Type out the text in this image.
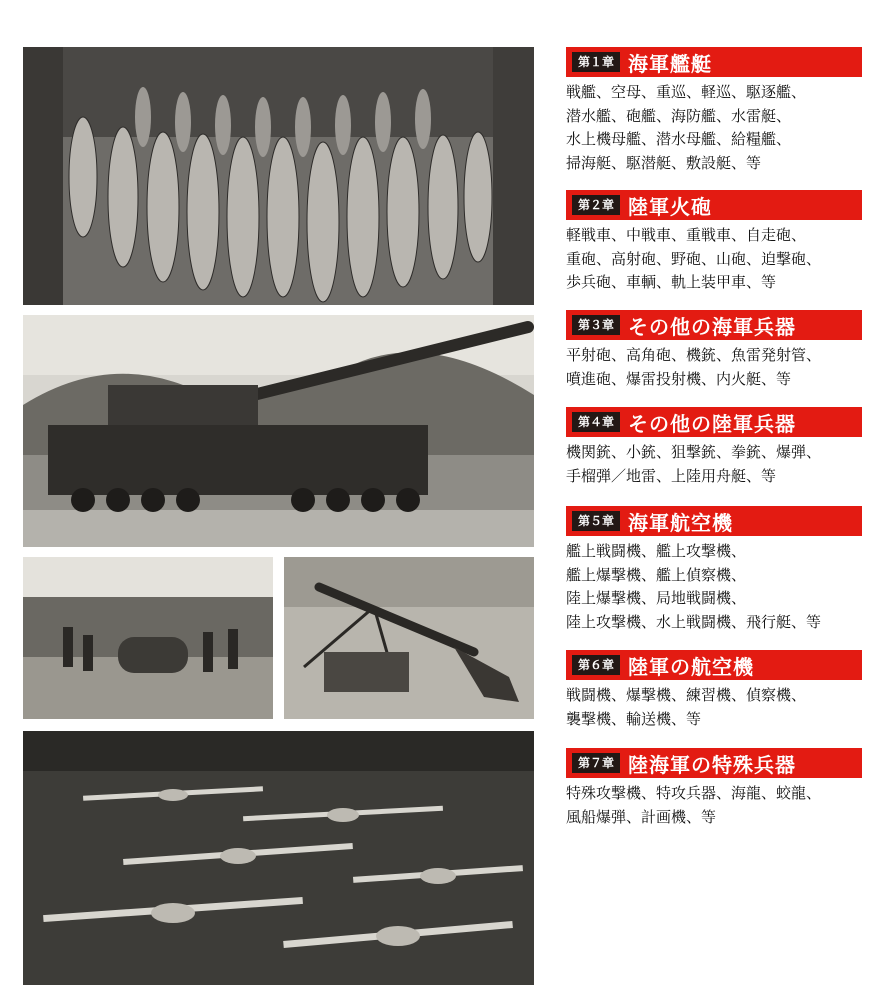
第１章 海軍艦艇
戦艦、空母、重巡、軽巡、駆逐艦、
潜水艦、砲艦、海防艦、水雷艇、
水上機母艦、潜水母艦、給糧艦、
掃海艇、駆潜艇、敷設艇、等
第２章 陸軍火砲
軽戦車、中戦車、重戦車、自走砲、
重砲、高射砲、野砲、山砲、迫撃砲、
歩兵砲、車輌、軌上装甲車、等
第３章 その他の海軍兵器
平射砲、高角砲、機銃、魚雷発射管、
噴進砲、爆雷投射機、内火艇、等
第４章 その他の陸軍兵器
機関銃、小銃、狙撃銃、拳銃、爆弾、
手榴弾／地雷、上陸用舟艇、等
第５章 海軍航空機
艦上戦闘機、艦上攻撃機、
艦上爆撃機、艦上偵察機、
陸上爆撃機、局地戦闘機、
陸上攻撃機、水上戦闘機、飛行艇、等
第６章 陸軍の航空機
戦闘機、爆撃機、練習機、偵察機、
襲撃機、輸送機、等
第７章 陸海軍の特殊兵器
特殊攻撃機、特攻兵器、海龍、蛟龍、
風船爆弾、計画機、等
